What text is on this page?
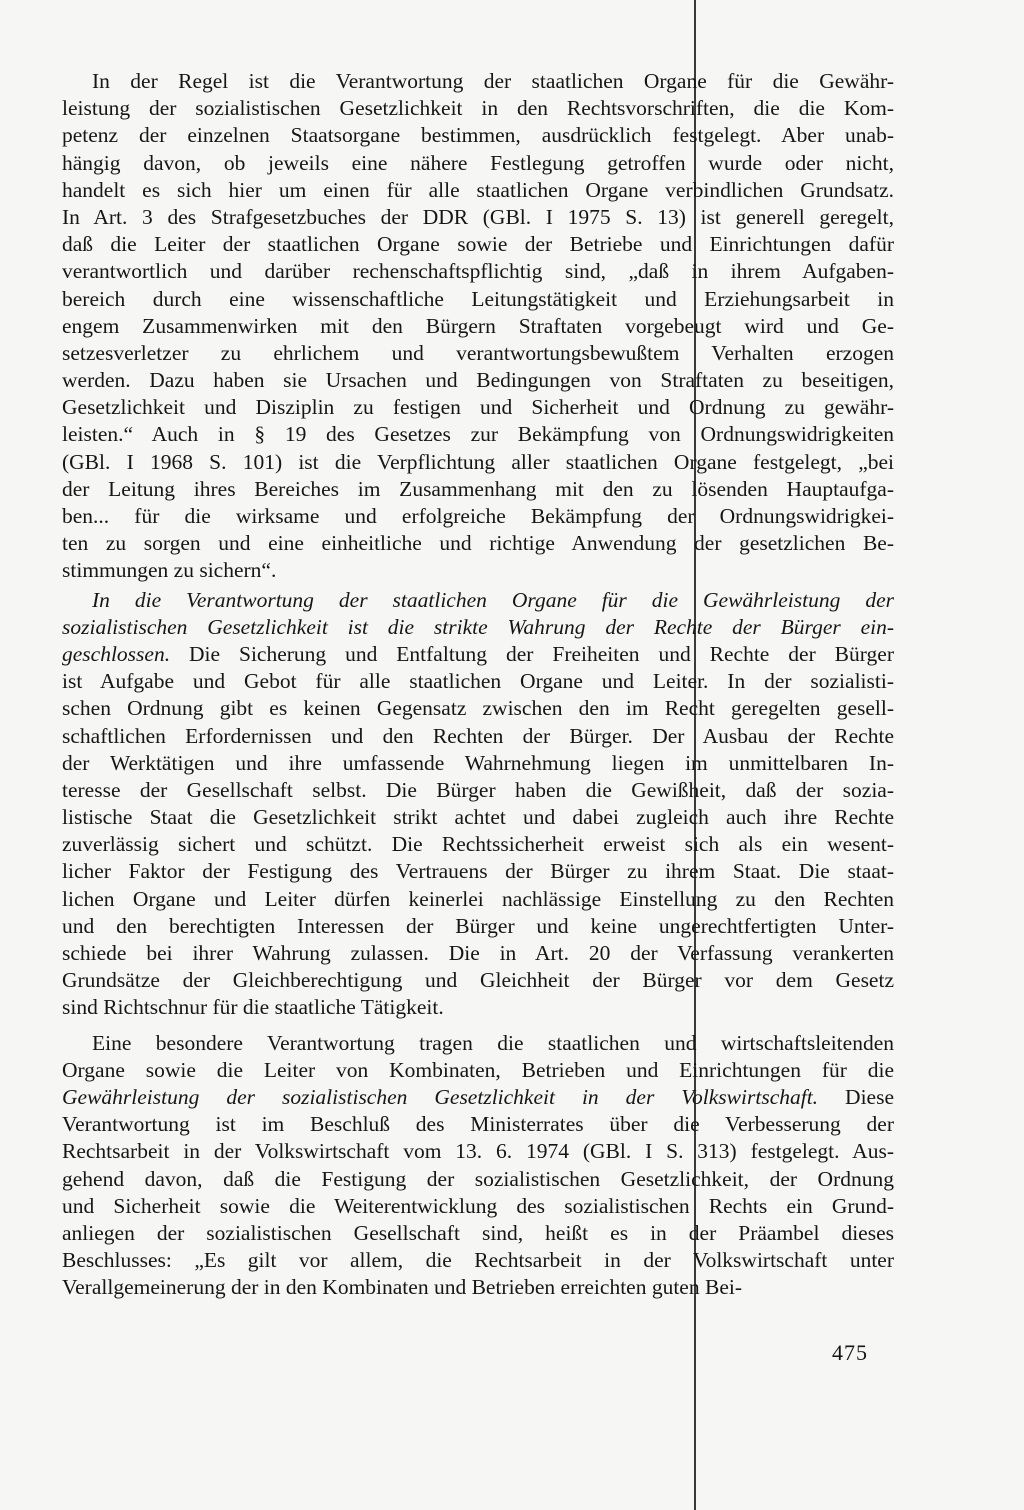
In der Regel ist die Verantwortung der staatlichen Organe für die Gewähr-
leistung der sozialistischen Gesetzlichkeit in den Rechtsvorschriften, die die Kom-
petenz der einzelnen Staatsorgane bestimmen, ausdrücklich festgelegt. Aber unab-
hängig davon, ob jeweils eine nähere Festlegung getroffen wurde oder nicht,
handelt es sich hier um einen für alle staatlichen Organe verbindlichen Grundsatz.
In Art. 3 des Strafgesetzbuches der DDR (GBl. I 1975 S. 13) ist generell geregelt,
daß die Leiter der staatlichen Organe sowie der Betriebe und Einrichtungen dafür
verantwortlich und darüber rechenschaftspflichtig sind, „daß in ihrem Aufgaben-
bereich durch eine wissenschaftliche Leitungstätigkeit und Erziehungsarbeit in
engem Zusammenwirken mit den Bürgern Straftaten vorgebeugt wird und Ge-
setzesverletzer zu ehrlichem und verantwortungsbewußtem Verhalten erzogen
werden. Dazu haben sie Ursachen und Bedingungen von Straftaten zu beseitigen,
Gesetzlichkeit und Disziplin zu festigen und Sicherheit und Ordnung zu gewähr-
leisten.“ Auch in § 19 des Gesetzes zur Bekämpfung von Ordnungswidrigkeiten
(GBl. I 1968 S. 101) ist die Verpflichtung aller staatlichen Organe festgelegt, „bei
der Leitung ihres Bereiches im Zusammenhang mit den zu lösenden Hauptaufga-
ben... für die wirksame und erfolgreiche Bekämpfung der Ordnungswidrigkei-
ten zu sorgen und eine einheitliche und richtige Anwendung der gesetzlichen Be-
stimmungen zu sichern“.
In die Verantwortung der staatlichen Organe für die Gewährleistung der
sozialistischen Gesetzlichkeit ist die strikte Wahrung der Rechte der Bürger ein-
geschlossen. Die Sicherung und Entfaltung der Freiheiten und Rechte der Bürger
ist Aufgabe und Gebot für alle staatlichen Organe und Leiter. In der sozialisti-
schen Ordnung gibt es keinen Gegensatz zwischen den im Recht geregelten gesell-
schaftlichen Erfordernissen und den Rechten der Bürger. Der Ausbau der Rechte
der Werktätigen und ihre umfassende Wahrnehmung liegen im unmittelbaren In-
teresse der Gesellschaft selbst. Die Bürger haben die Gewißheit, daß der sozia-
listische Staat die Gesetzlichkeit strikt achtet und dabei zugleich auch ihre Rechte
zuverlässig sichert und schützt. Die Rechtssicherheit erweist sich als ein wesent-
licher Faktor der Festigung des Vertrauens der Bürger zu ihrem Staat. Die staat-
lichen Organe und Leiter dürfen keinerlei nachlässige Einstellung zu den Rechten
und den berechtigten Interessen der Bürger und keine ungerechtfertigten Unter-
schiede bei ihrer Wahrung zulassen. Die in Art. 20 der Verfassung verankerten
Grundsätze der Gleichberechtigung und Gleichheit der Bürger vor dem Gesetz
sind Richtschnur für die staatliche Tätigkeit.
Eine besondere Verantwortung tragen die staatlichen und wirtschaftsleitenden
Organe sowie die Leiter von Kombinaten, Betrieben und Einrichtungen für die
Gewährleistung der sozialistischen Gesetzlichkeit in der Volkswirtschaft. Diese
Verantwortung ist im Beschluß des Ministerrates über die Verbesserung der
Rechtsarbeit in der Volkswirtschaft vom 13. 6. 1974 (GBl. I S. 313) festgelegt. Aus-
gehend davon, daß die Festigung der sozialistischen Gesetzlichkeit, der Ordnung
und Sicherheit sowie die Weiterentwicklung des sozialistischen Rechts ein Grund-
anliegen der sozialistischen Gesellschaft sind, heißt es in der Präambel dieses
Beschlusses: „Es gilt vor allem, die Rechtsarbeit in der Volkswirtschaft unter
Verallgemeinerung der in den Kombinaten und Betrieben erreichten guten Bei-
475
